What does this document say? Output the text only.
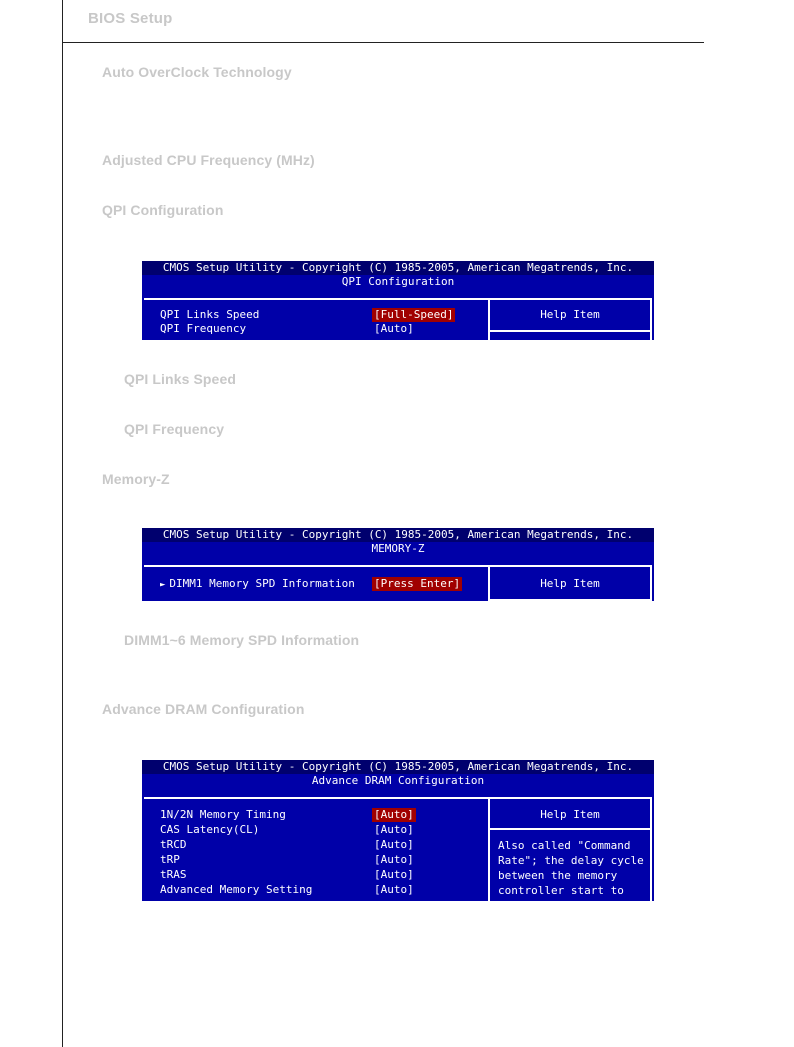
BIOS Setup
Auto OverClock Technology
Adjusted CPU Frequency (MHz)
QPI Configuration
CMOS Setup Utility - Copyright (C) 1985-2005, American Megatrends, Inc.
QPI Configuration
QPI Links Speed	[Full-Speed]
QPI Frequency	[Auto]
Help Item
QPI Links Speed
QPI Frequency
Memory-Z
CMOS Setup Utility - Copyright (C) 1985-2005, American Megatrends, Inc.
MEMORY-Z
► DIMM1 Memory SPD Information [Press Enter]	Help Item
DIMM1~6 Memory SPD Information
Advance DRAM Configuration
CMOS Setup Utility - Copyright (C) 1985-2005, American Megatrends, Inc.
Advance DRAM Configuration
1N/2N Memory Timing	[Auto]
CAS Latency(CL)	[Auto]
tRCD	[Auto]
tRP	[Auto]
tRAS	[Auto]
Advanced Memory Setting	[Auto]
Help Item
Also called "Command
Rate"; the delay cycle
between the memory
controller start to
